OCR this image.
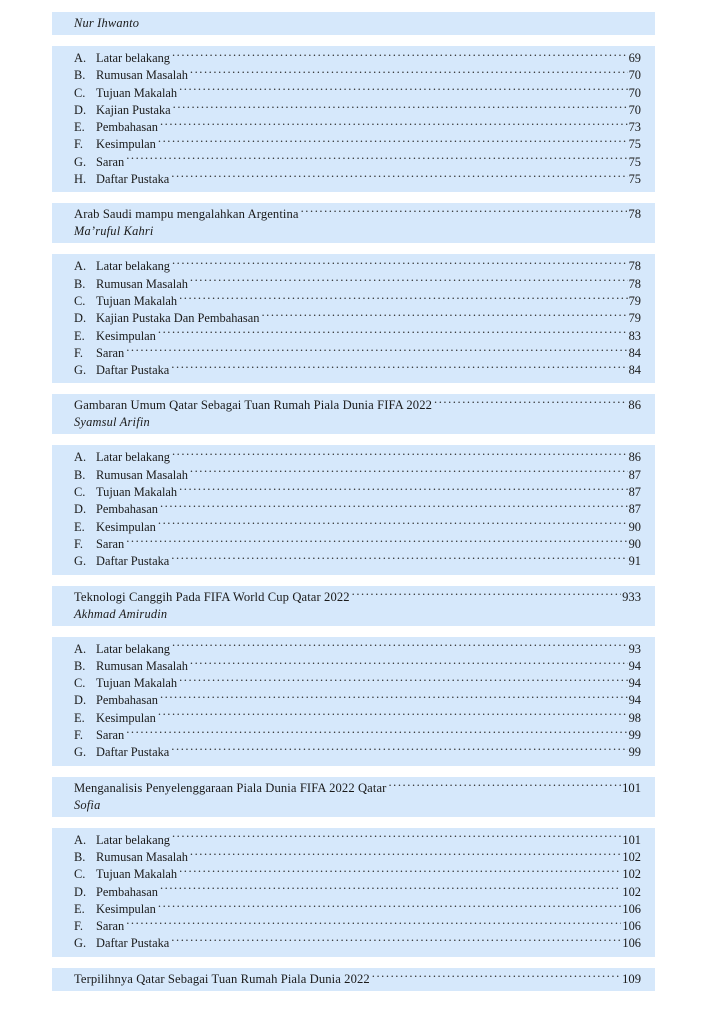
Nur Ihwanto
A. Latar belakang .....	69
B. Rumusan Masalah .....	70
C. Tujuan Makalah .....	70
D. Kajian Pustaka .....	70
E. Pembahasan .....	73
F.	Kesimpulan .....	75
G. Saran .....	75
H. Daftar Pustaka .....	75
Arab Saudi mampu mengalahkan Argentina .....	78
Ma’ruful Kahri
A. Latar belakang .....	78
B. Rumusan Masalah .....	78
C. Tujuan Makalah .....	79
D. Kajian Pustaka Dan Pembahasan .....	79
E. Kesimpulan .....	83
F.	Saran .....	84
G. Daftar Pustaka .....	84
Gambaran Umum Qatar Sebagai Tuan Rumah Piala Dunia FIFA 2022 .....	86
Syamsul Arifin
A. Latar belakang .....	86
B. Rumusan Masalah .....	87
C. Tujuan Makalah .....	87
D. Pembahasan .....	87
E. Kesimpulan .....	90
F.	Saran .....	90
G. Daftar Pustaka .....	91
Teknologi Canggih Pada FIFA World Cup Qatar 2022 .....	933
Akhmad Amirudin
A. Latar belakang .....	93
B. Rumusan Masalah .....	94
C. Tujuan Makalah .....	94
D. Pembahasan .....	94
E. Kesimpulan .....	98
F.	Saran .....	99
G. Daftar Pustaka .....	99
Menganalisis Penyelenggaraan Piala Dunia FIFA 2022 Qatar .....	101
Sofia
A. Latar belakang .....	101
B. Rumusan Masalah .....	102
C. Tujuan Makalah .....	102
D. Pembahasan .....	102
E. Kesimpulan .....	106
F.	Saran .....	106
G. Daftar Pustaka .....	106
Terpilihnya Qatar Sebagai Tuan Rumah Piala Dunia 2022 .....	109
